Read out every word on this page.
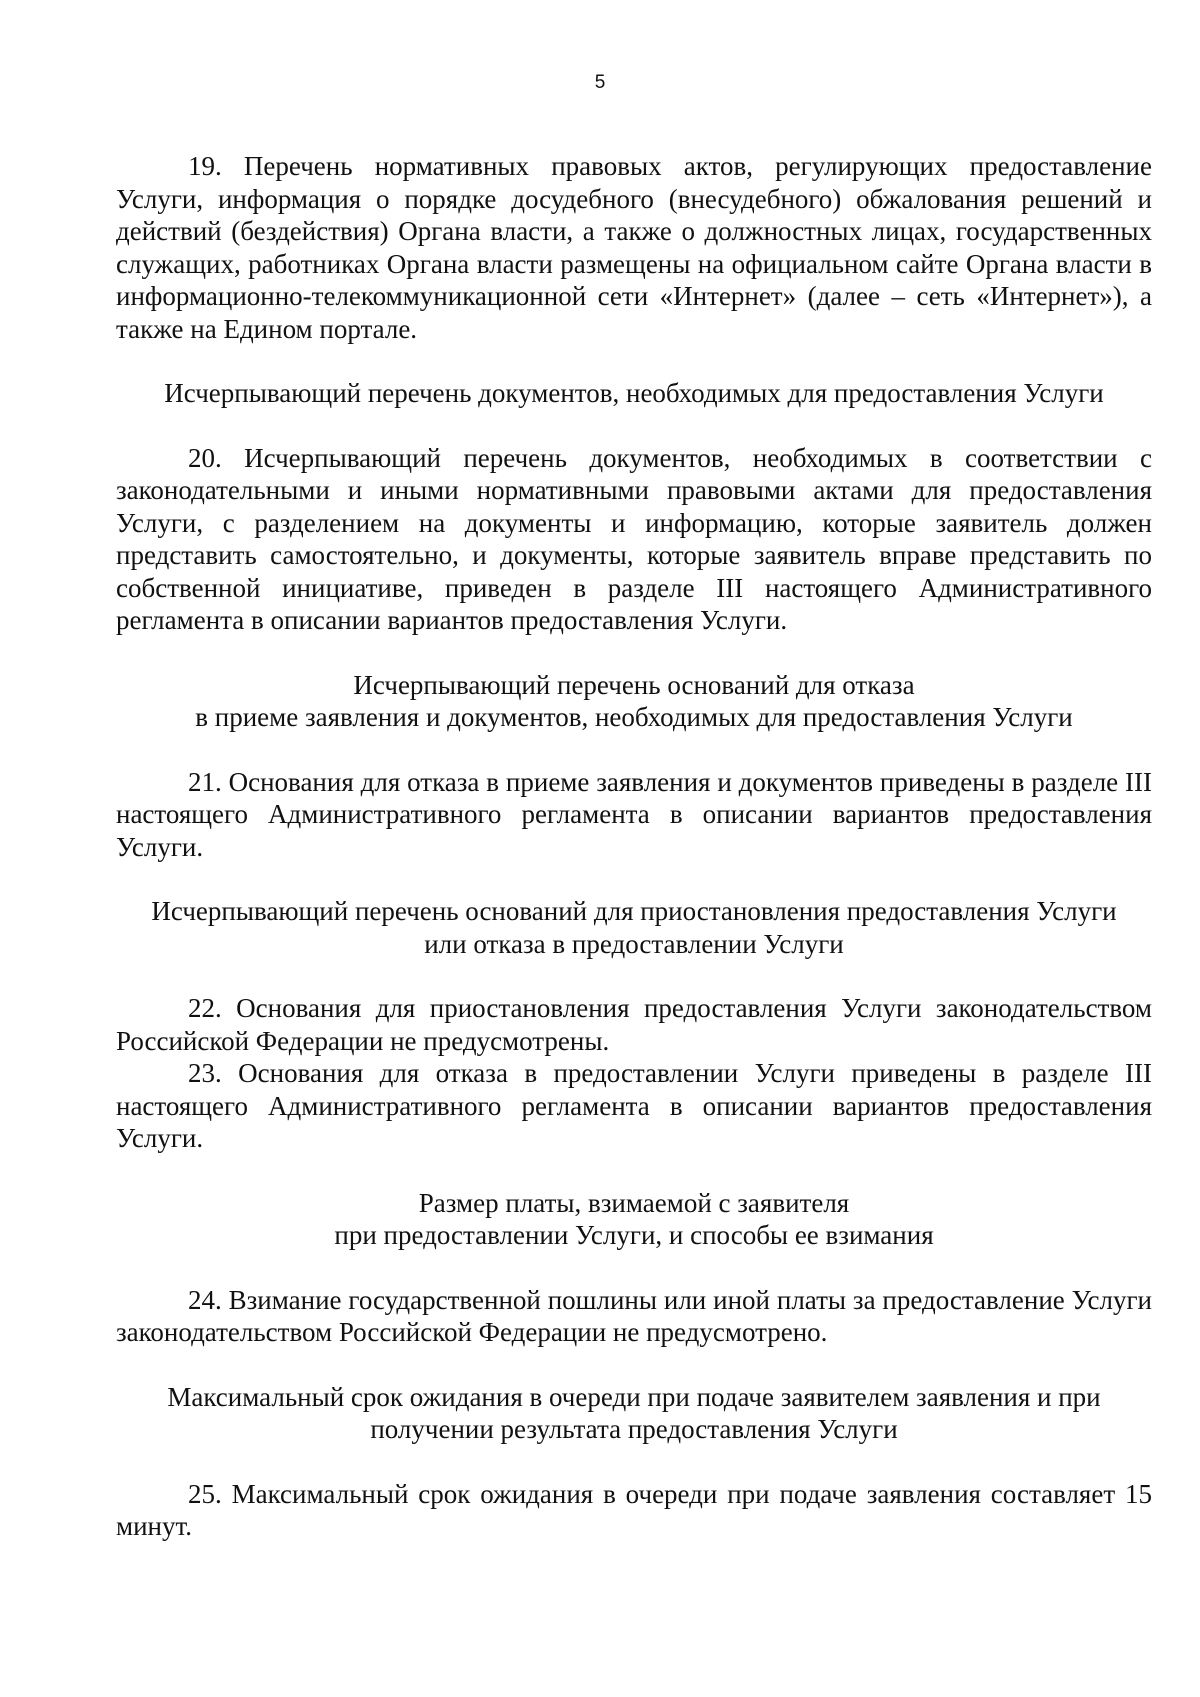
5

19. Перечень нормативных правовых актов, регулирующих предоставление Услуги, информация о порядке досудебного (внесудебного) обжалования решений и действий (бездействия) Органа власти, а также о должностных лицах, государственных служащих, работниках Органа власти размещены на официальном сайте Органа власти в информационно-телекоммуникационной сети «Интернет» (далее – сеть «Интернет»), а также на Едином портале.

Исчерпывающий перечень документов, необходимых для предоставления Услуги

20. Исчерпывающий перечень документов, необходимых в соответствии с законодательными и иными нормативными правовыми актами для предоставления Услуги, с разделением на документы и информацию, которые заявитель должен представить самостоятельно, и документы, которые заявитель вправе представить по собственной инициативе, приведен в разделе III настоящего Административного регламента в описании вариантов предоставления Услуги.

Исчерпывающий перечень оснований для отказа
в приеме заявления и документов, необходимых для предоставления Услуги

21. Основания для отказа в приеме заявления и документов приведены в разделе III настоящего Административного регламента в описании вариантов предоставления Услуги.

Исчерпывающий перечень оснований для приостановления предоставления Услуги
или отказа в предоставлении Услуги

22. Основания для приостановления предоставления Услуги законодательством Российской Федерации не предусмотрены.

23. Основания для отказа в предоставлении Услуги приведены в разделе III настоящего Административного регламента в описании вариантов предоставления Услуги.

Размер платы, взимаемой с заявителя
при предоставлении Услуги, и способы ее взимания

24. Взимание государственной пошлины или иной платы за предоставление Услуги законодательством Российской Федерации не предусмотрено.

Максимальный срок ожидания в очереди при подаче заявителем заявления и при
получении результата предоставления Услуги

25. Максимальный срок ожидания в очереди при подаче заявления составляет 15 минут.
